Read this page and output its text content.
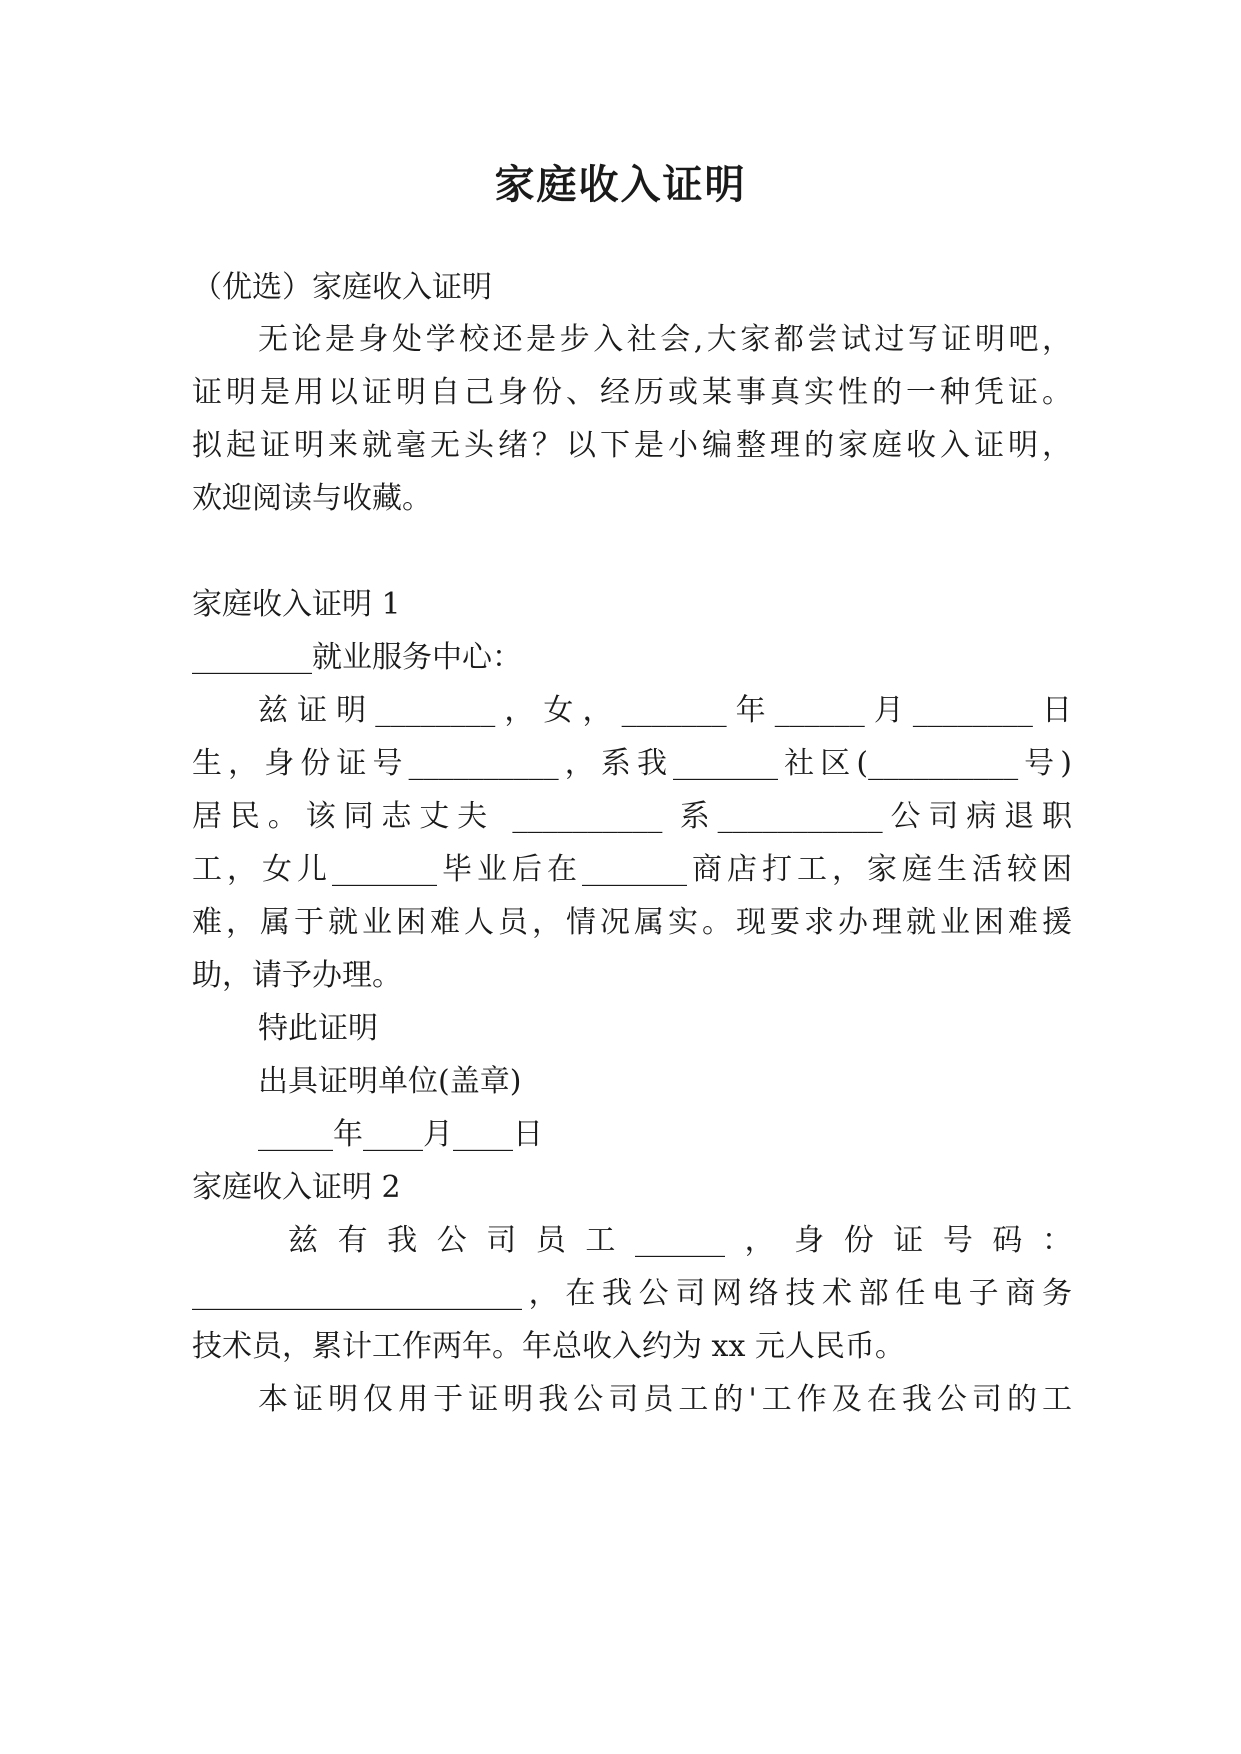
家庭收入证明
（优选）家庭收入证明
无论是身处学校还是步入社会,大家都尝试过写证明吧，
证明是用以证明自己身份、经历或某事真实性的一种凭证。
拟起证明来就毫无头绪？以下是小编整理的家庭收入证明，
欢迎阅读与收藏。
家庭收入证明 1
________就业服务中心：
兹证明________，女，_______年______月________日
生，身份证号__________，系我_______社区(__________号)
居民。该同志丈夫 __________ 系___________公司病退职
工，女儿_______毕业后在_______商店打工，家庭生活较困
难，属于就业困难人员，情况属实。现要求办理就业困难援
助，请予办理。
特此证明
出具证明单位(盖章)
_____年____月____日
家庭收入证明 2
兹有我公司员工______，身份证号码：
______________________，在我公司网络技术部任电子商务
技术员，累计工作两年。年总收入约为 xx 元人民币。
本证明仅用于证明我公司员工的'工作及在我公司的工
